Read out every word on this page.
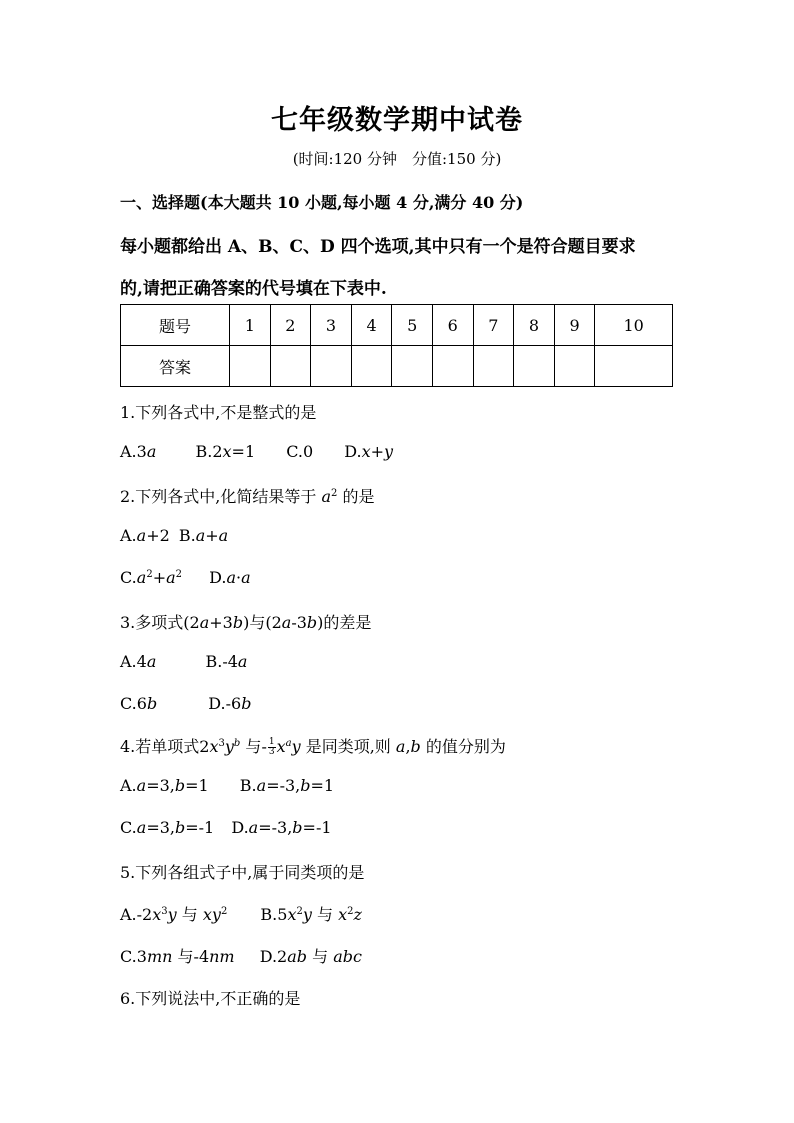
七年级数学期中试卷
(时间:120 分钟　分值:150 分)
一、选择题(本大题共 10 小题,每小题 4 分,满分 40 分)
每小题都给出 A、B、C、D 四个选项,其中只有一个是符合题目要求
的,请把正确答案的代号填在下表中.
题号	1	2	3	4	5	6	7	8	9	10
答案										
1.下列各式中,不是整式的是
A.3a B.2x=1 C.0 D.x+y
2.下列各式中,化简结果等于 $a^2$ 的是
A.a+2 B.a+a
$C.a^2+a^2$ D.a·a
3.多项式(2a+3b)与(2a-3b)的差是
A.4a	B.-4a
C.6b	D.-6b
4.若单项式$2x^3y^b$ 与- $\frac{1}{3} x^ay$ 是同类项,则 a,b 的值分别为
A.a=3,b=1 B.a=-3,b=1
C.a=3,b=-1 D.a=-3,b=-1
5.下列各组式子中,属于同类项的是
$A.-2x^3y$ 与 $xy^2$ $B.5x^2y$ 与 $x^2z$
C.3mn 与-4nm D.2ab 与 abc
6.下列说法中,不正确的是
